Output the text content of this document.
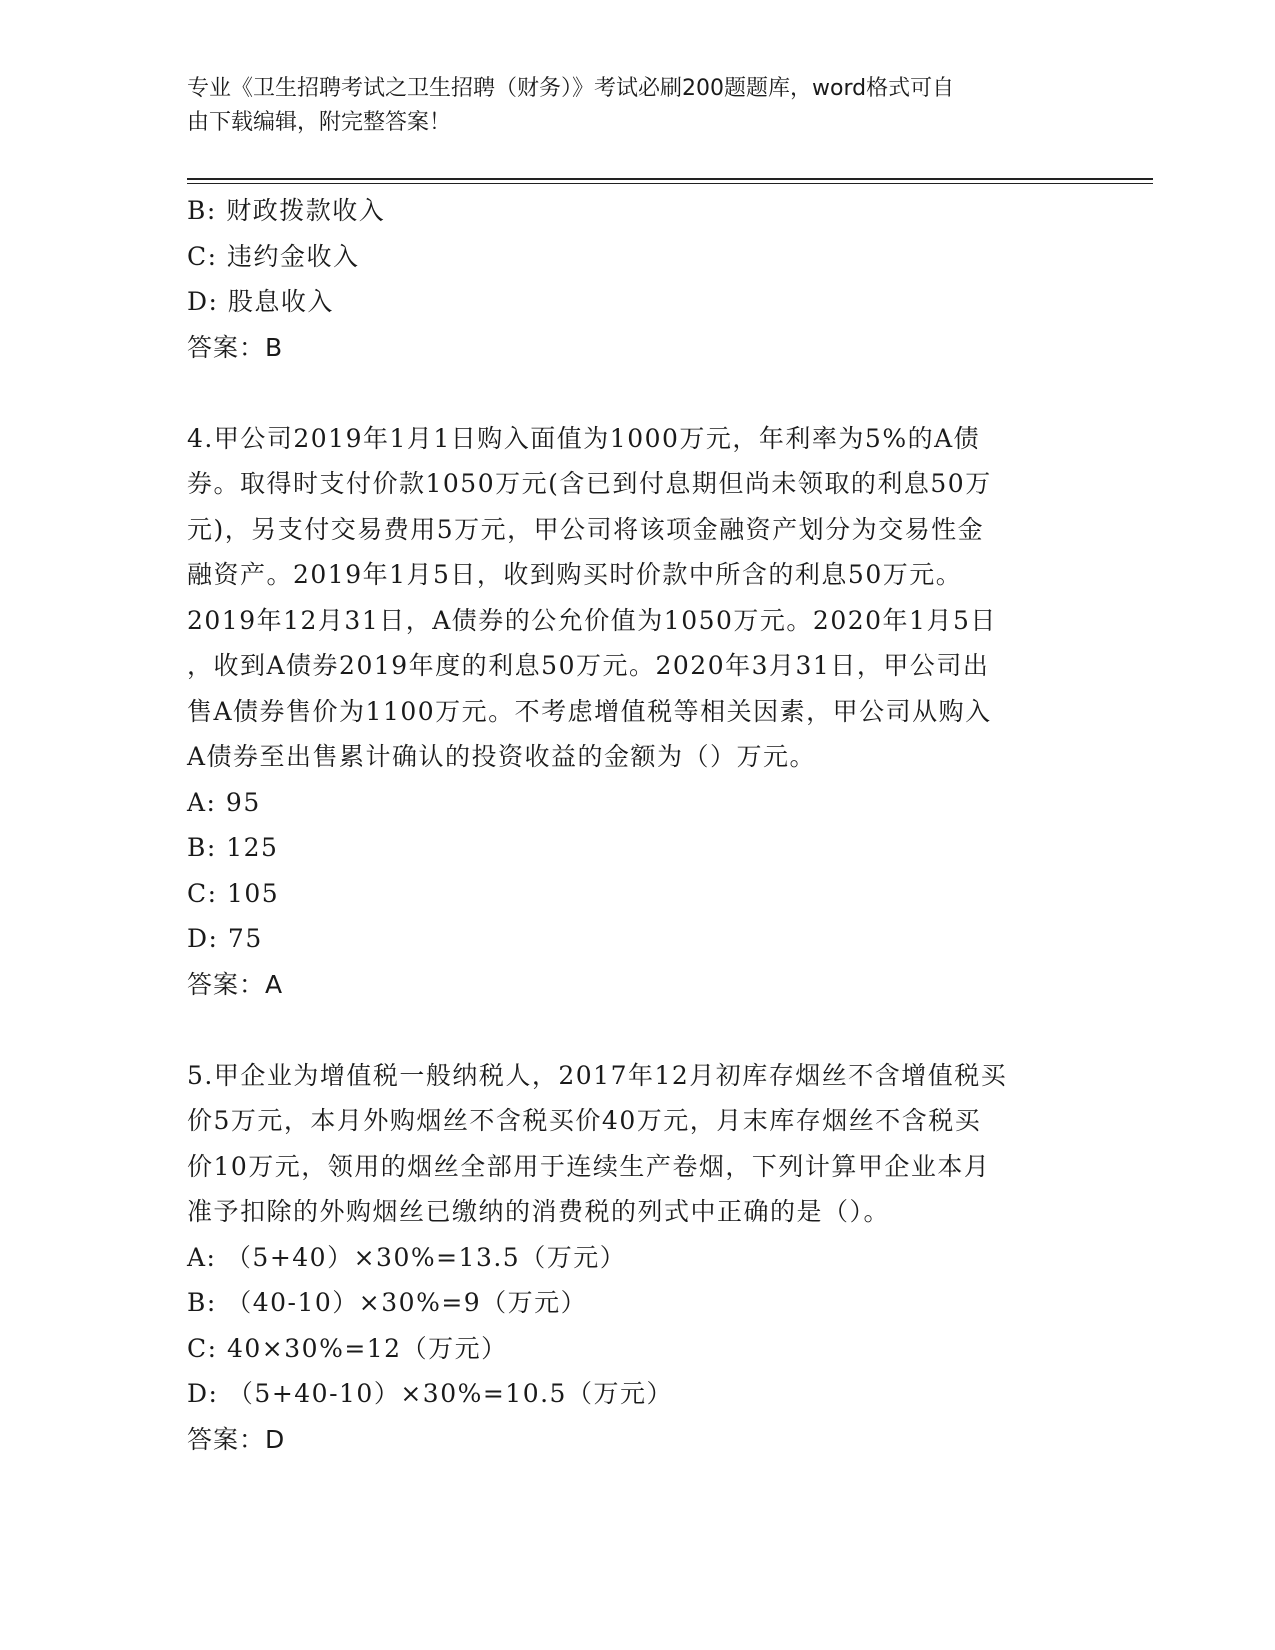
专业《卫生招聘考试之卫生招聘（财务）》考试必刷200题题库，word格式可自
由下载编辑，附完整答案！
B: 财政拨款收入
C: 违约金收入
D: 股息收入
答案：B
4.甲公司2019年1月1日购入面值为1000万元，年利率为5%的A债
券。取得时支付价款1050万元(含已到付息期但尚未领取的利息50万
元)，另支付交易费用5万元，甲公司将该项金融资产划分为交易性金
融资产。2019年1月5日，收到购买时价款中所含的利息50万元。
2019年12月31日，A债券的公允价值为1050万元。2020年1月5日
，收到A债券2019年度的利息50万元。2020年3月31日，甲公司出
售A债券售价为1100万元。不考虑增值税等相关因素，甲公司从购入
A债券至出售累计确认的投资收益的金额为（）万元。
A: 95
B: 125
C: 105
D: 75
答案：A
5.甲企业为增值税一般纳税人，2017年12月初库存烟丝不含增值税买
价5万元，本月外购烟丝不含税买价40万元，月末库存烟丝不含税买
价10万元，领用的烟丝全部用于连续生产卷烟，下列计算甲企业本月
准予扣除的外购烟丝已缴纳的消费税的列式中正确的是（）。
A: （5+40）×30%=13.5（万元）
B: （40-10）×30%=9（万元）
C: 40×30%=12（万元）
D: （5+40-10）×30%=10.5（万元）
答案：D
